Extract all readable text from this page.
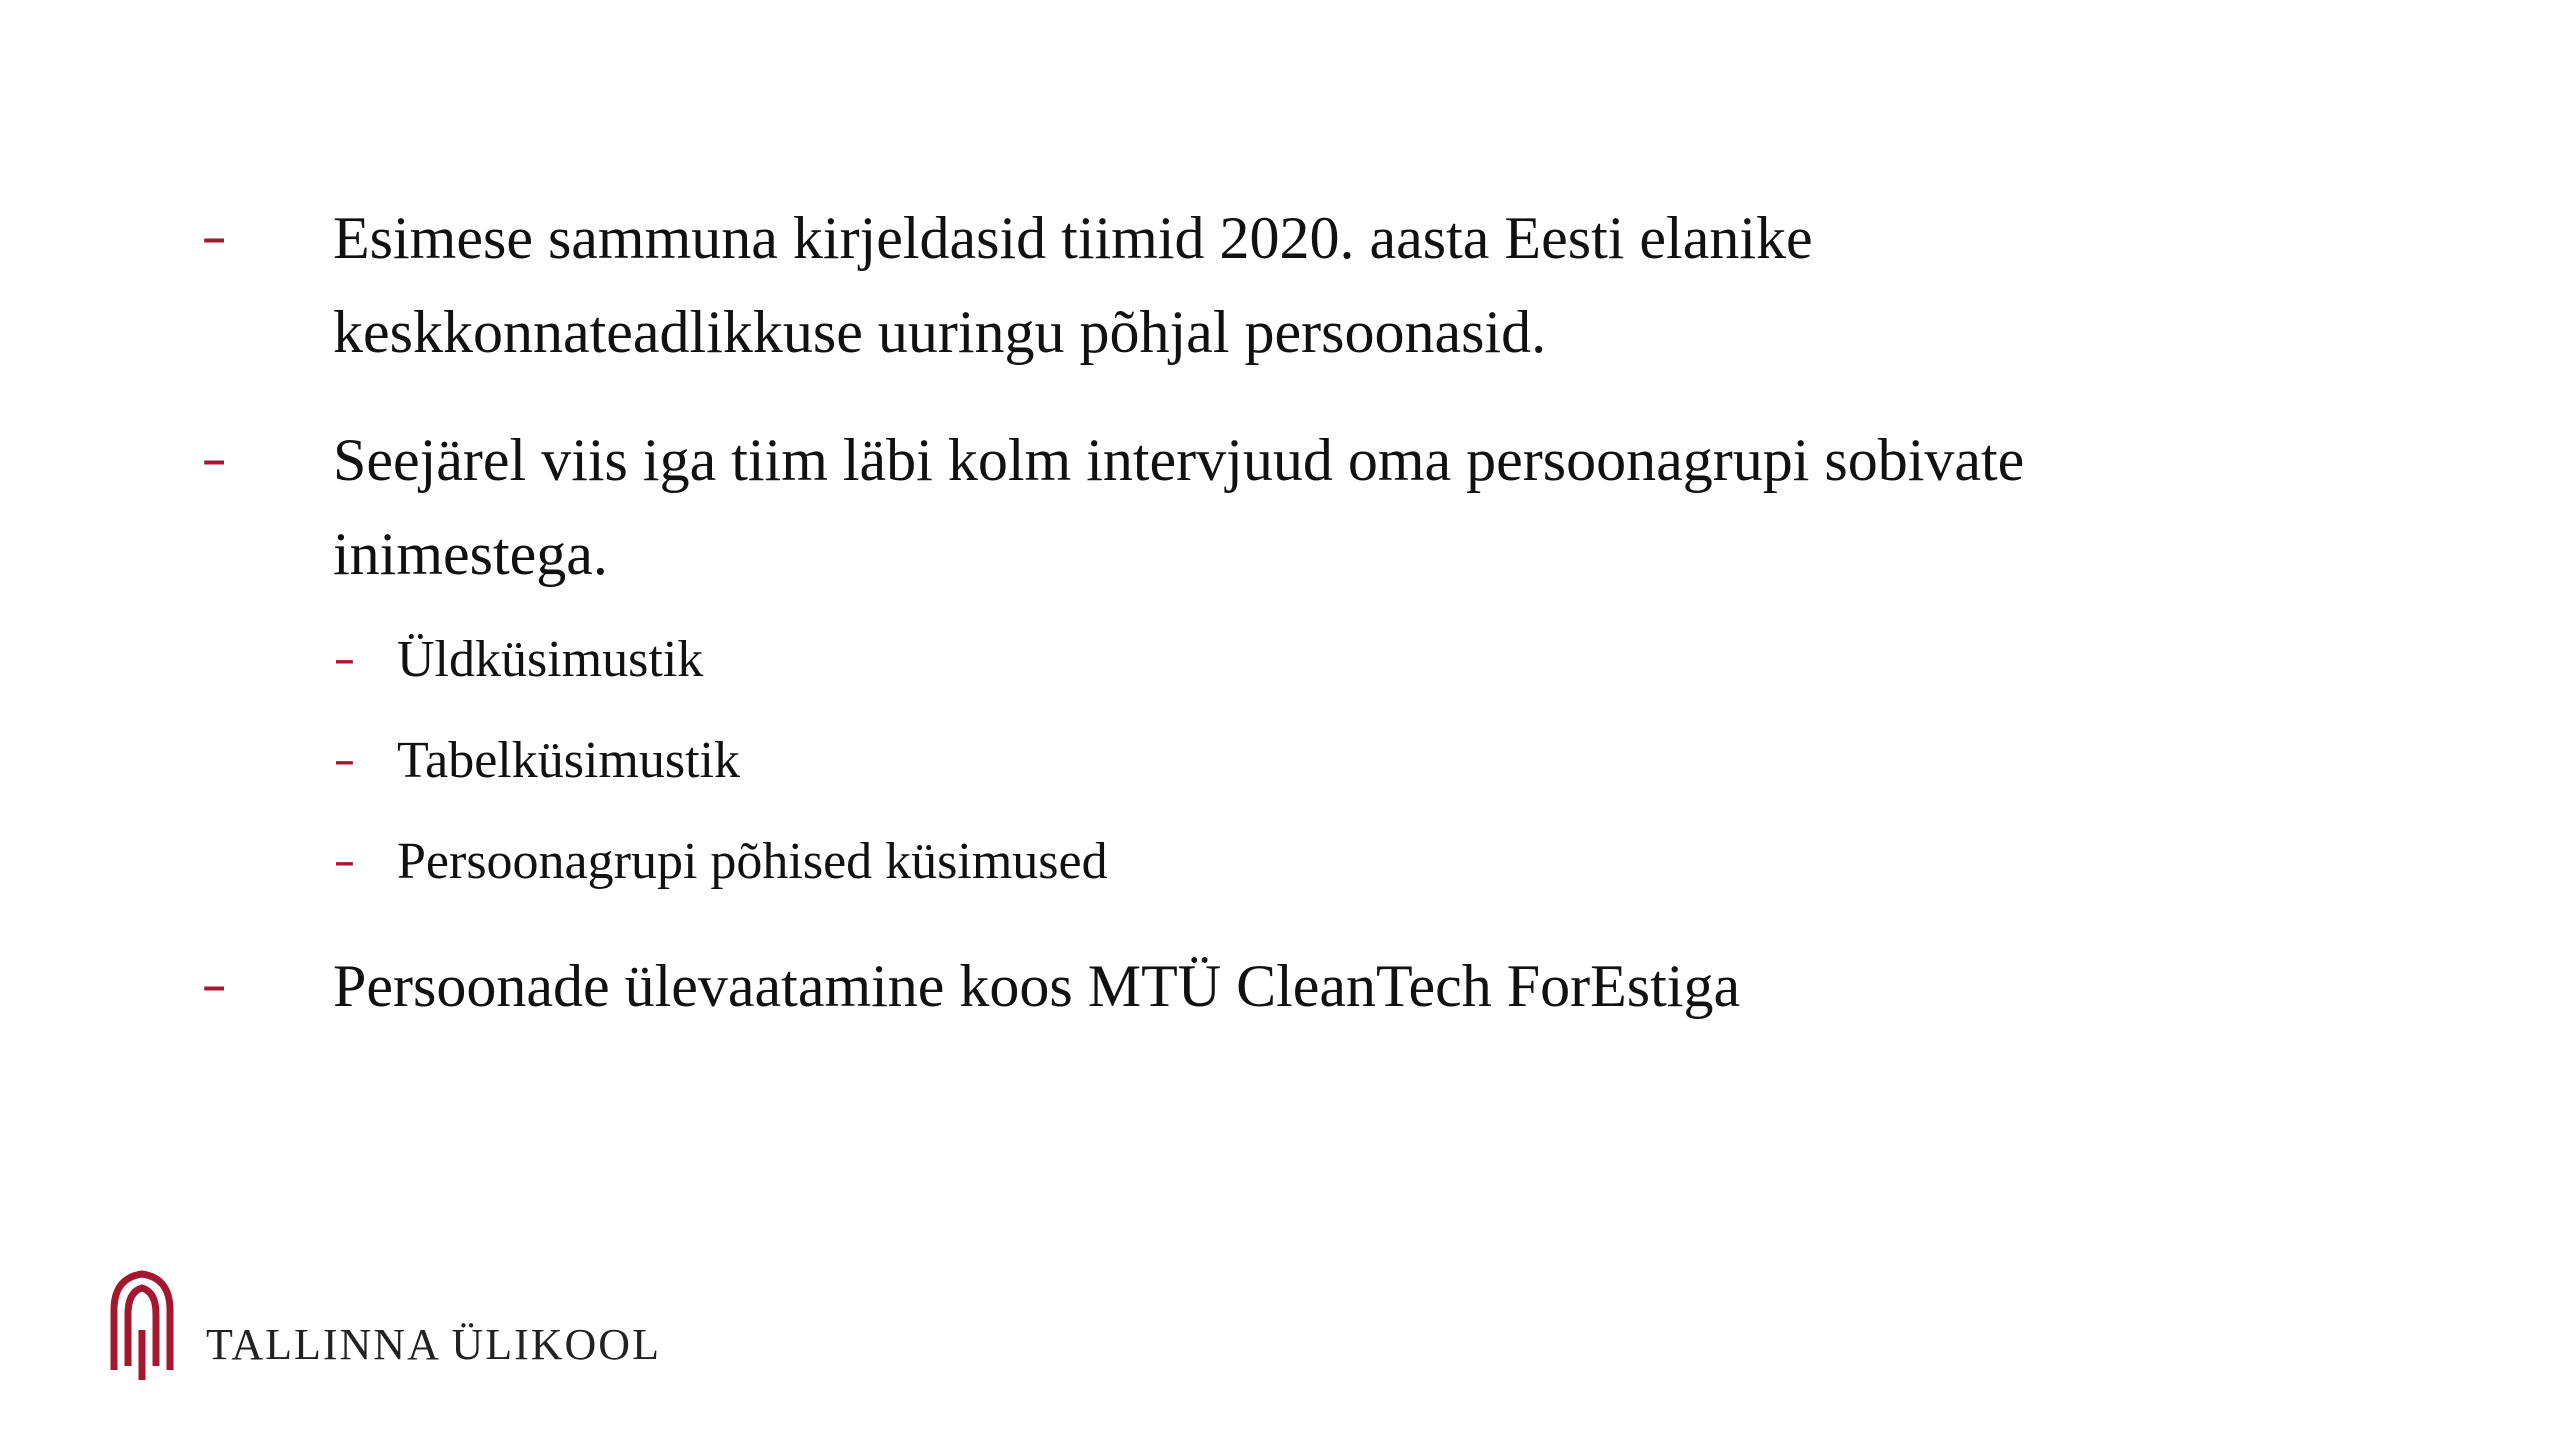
– Esimese sammuna kirjeldasid tiimid 2020. aasta Eesti elanike keskkonnateadlikkuse uuringu põhjal persoonasid.
– Seejärel viis iga tiim läbi kolm intervjuud oma persoonagrupi sobivate inimestega.
– Üldküsimustik
– Tabelküsimustik
– Persoonagrupi põhised küsimused
– Persoonade ülevaatamine koos MTÜ CleanTech ForEstiga
TALLINNA ÜLIKOOL
